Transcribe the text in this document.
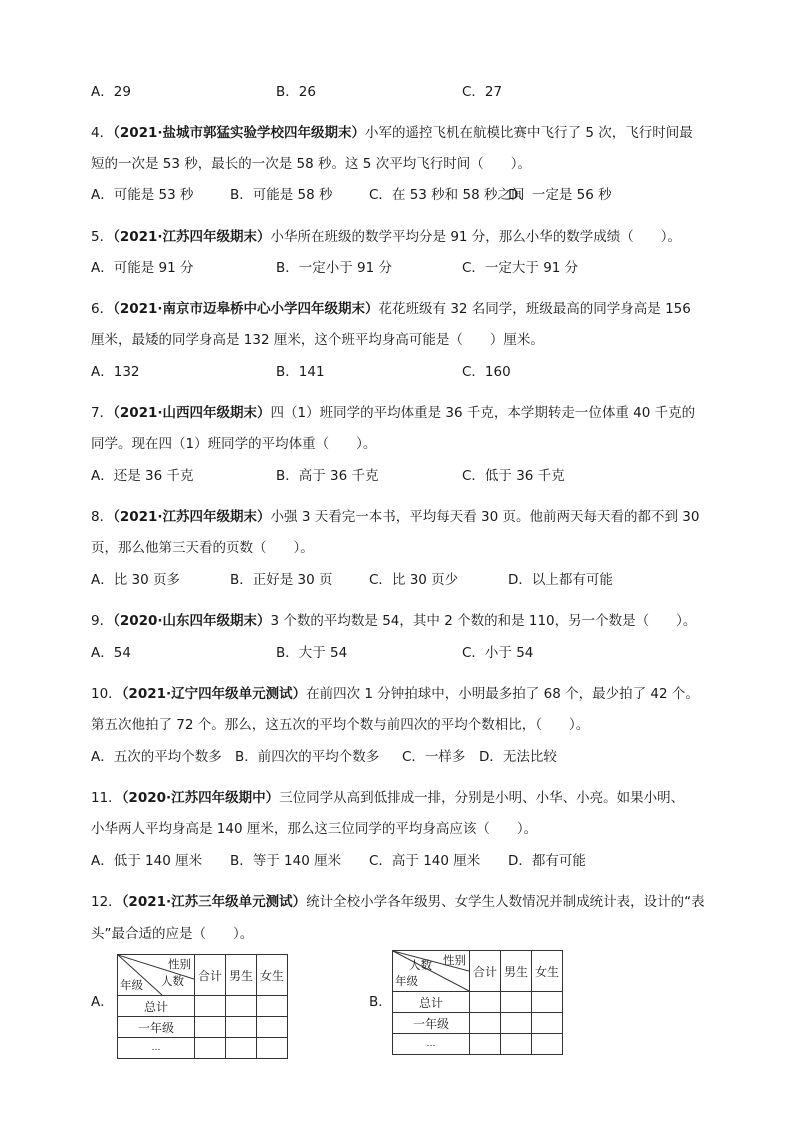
A．29	B．26	C．27
4．（2021·盐城市郭猛实验学校四年级期末）小军的遥控飞机在航模比赛中飞行了 5 次，飞行时间最
短的一次是 53 秒，最长的一次是 58 秒。这 5 次平均飞行时间（　　）。
A．可能是 53 秒	B．可能是 58 秒	C．在 53 秒和 58 秒之间
D．一定是 56 秒
5．（2021·江苏四年级期末）小华所在班级的数学平均分是 91 分，那么小华的数学成绩（　　）。
A．可能是 91 分	B．一定小于 91 分	C．一定大于 91 分
6．（2021·南京市迈皋桥中心小学四年级期末）花花班级有 32 名同学，班级最高的同学身高是 156
厘米，最矮的同学身高是 132 厘米，这个班平均身高可能是（　　）厘米。
A．132	B．141	C．160
7．（2021·山西四年级期末）四（1）班同学的平均体重是 36 千克，本学期转走一位体重 40 千克的
同学。现在四（1）班同学的平均体重（　　）。
A．还是 36 千克	B．高于 36 千克	C．低于 36 千克
8．（2021·江苏四年级期末）小强 3 天看完一本书，平均每天看 30 页。他前两天每天看的都不到 30
页，那么他第三天看的页数（　　）。
A．比 30 页多	B．正好是 30 页	C．比 30 页少	D．以上都有可能
9．（2020·山东四年级期末）3 个数的平均数是 54，其中 2 个数的和是 110，另一个数是（　　）。
A．54	B．大于 54	C．小于 54
10．（2021·辽宁四年级单元测试）在前四次 1 分钟拍球中，小明最多拍了 68 个，最少拍了 42 个。
第五次他拍了 72 个。那么，这五次的平均个数与前四次的平均个数相比，（　　）。
A．五次的平均个数多 B．前四次的平均个数多 C．一样多 D．无法比较
11．（2020·江苏四年级期中）三位同学从高到低排成一排，分别是小明、小华、小亮。如果小明、
小华两人平均身高是 140 厘米，那么这三位同学的平均身高应该（　　）。
A．低于 140 厘米 B．等于 140 厘米 C．高于 140 厘米 D．都有可能
12．（2021·江苏三年级单元测试）统计全校小学各年级男、女学生人数情况并制成统计表，设计的“表
头”最合适的应是（　　）。
A．
性别
人数
年级	合计	男生	女生
总计			
一年级			
…			
B．
性别
人数
年级	合计	男生	女生
总计			
一年级			
…			
